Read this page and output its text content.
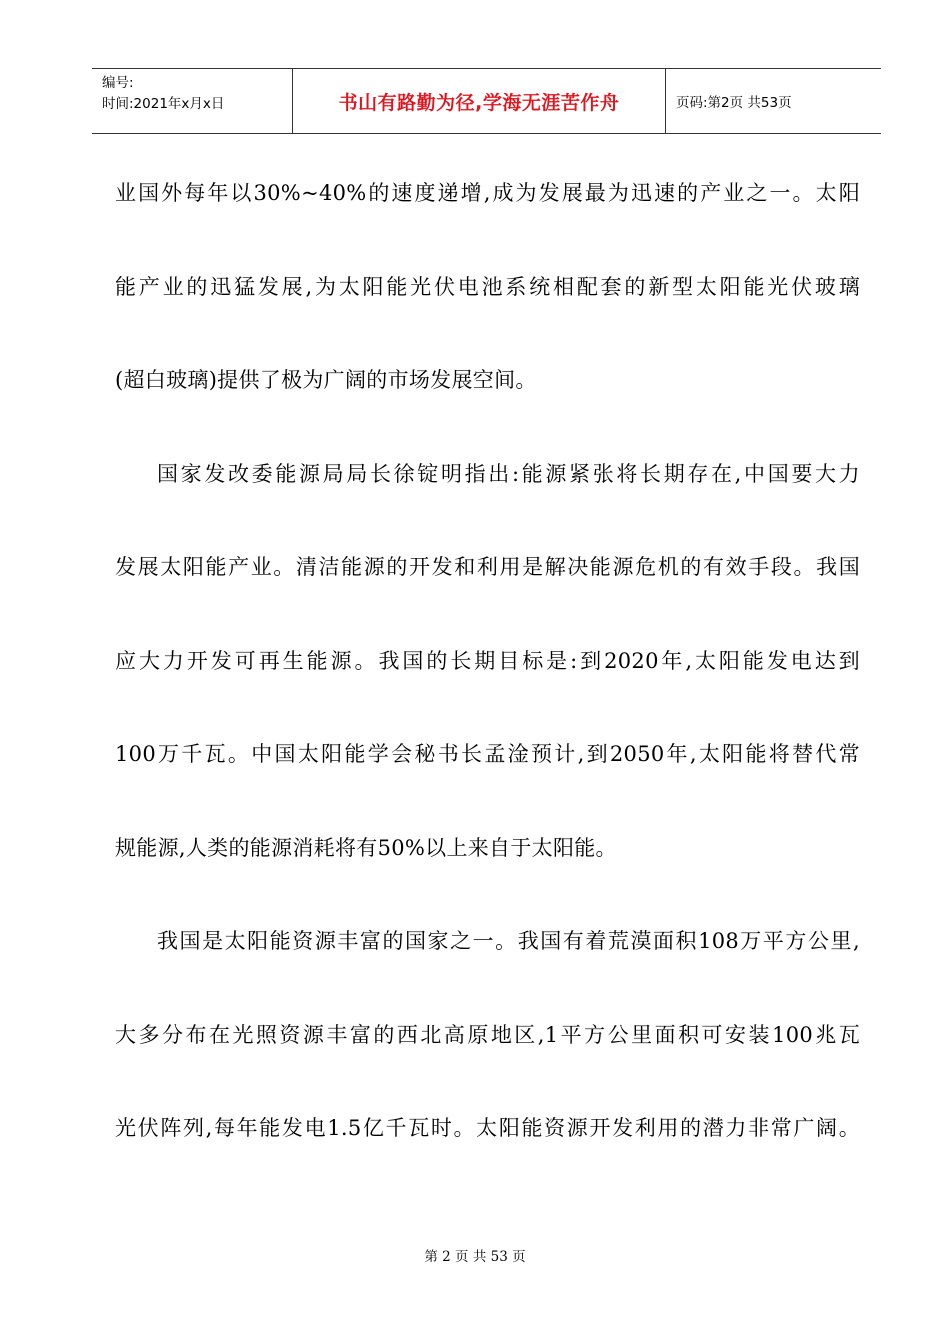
编号:
时间:2021年x月x日	书山有路勤为径,学海无涯苦作舟	页码:第2页 共53页
业国外每年以30%~40%的速度递增,成为发展最为迅速的产业之一。太阳
能产业的迅猛发展,为太阳能光伏电池系统相配套的新型太阳能光伏玻璃
(超白玻璃)提供了极为广阔的市场发展空间。
国家发改委能源局局长徐锭明指出:能源紧张将长期存在,中国要大力
发展太阳能产业。清洁能源的开发和利用是解决能源危机的有效手段。我国
应大力开发可再生能源。我国的长期目标是:到2020年,太阳能发电达到
100万千瓦。中国太阳能学会秘书长孟淦预计,到2050年,太阳能将替代常
规能源,人类的能源消耗将有50%以上来自于太阳能。
我国是太阳能资源丰富的国家之一。我国有着荒漠面积108万平方公里,
大多分布在光照资源丰富的西北高原地区,1平方公里面积可安装100兆瓦
光伏阵列,每年能发电1.5亿千瓦时。太阳能资源开发利用的潜力非常广阔。
第 2 页 共 53 页
